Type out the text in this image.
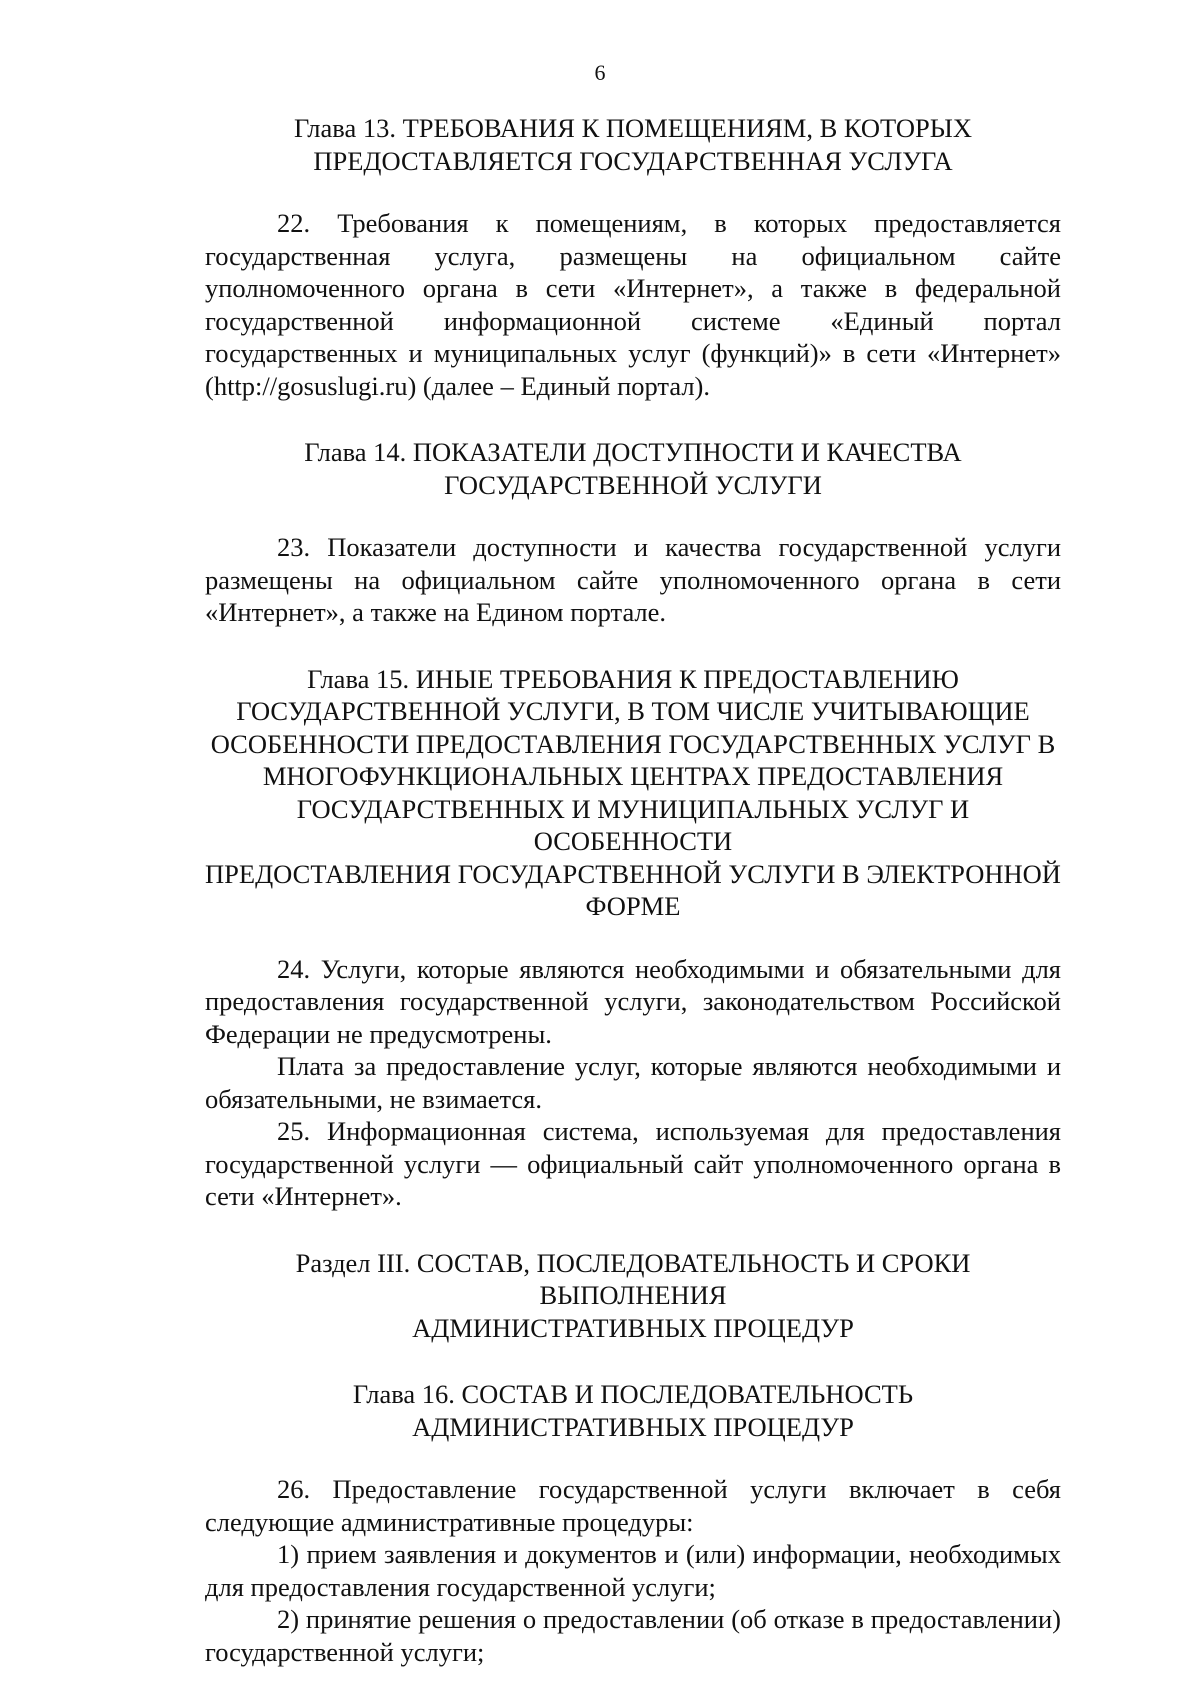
6
Глава 13. ТРЕБОВАНИЯ К ПОМЕЩЕНИЯМ, В КОТОРЫХ
ПРЕДОСТАВЛЯЕТСЯ ГОСУДАРСТВЕННАЯ УСЛУГА

22. Требования к помещениям, в которых предоставляется государственная услуга, размещены на официальном сайте уполномоченного органа в сети «Интернет», а также в федеральной государственной информационной системе «Единый портал государственных и муниципальных услуг (функций)» в сети «Интернет» (http://gosuslugi.ru) (далее – Единый портал).

Глава 14. ПОКАЗАТЕЛИ ДОСТУПНОСТИ И КАЧЕСТВА
ГОСУДАРСТВЕННОЙ УСЛУГИ

23. Показатели доступности и качества государственной услуги размещены на официальном сайте уполномоченного органа в сети «Интернет», а также на Едином портале.

Глава 15. ИНЫЕ ТРЕБОВАНИЯ К ПРЕДОСТАВЛЕНИЮ
ГОСУДАРСТВЕННОЙ УСЛУГИ, В ТОМ ЧИСЛЕ УЧИТЫВАЮЩИЕ
ОСОБЕННОСТИ ПРЕДОСТАВЛЕНИЯ ГОСУДАРСТВЕННЫХ УСЛУГ В
МНОГОФУНКЦИОНАЛЬНЫХ ЦЕНТРАХ ПРЕДОСТАВЛЕНИЯ
ГОСУДАРСТВЕННЫХ И МУНИЦИПАЛЬНЫХ УСЛУГ И ОСОБЕННОСТИ
ПРЕДОСТАВЛЕНИЯ ГОСУДАРСТВЕННОЙ УСЛУГИ В ЭЛЕКТРОННОЙ
ФОРМЕ

24. Услуги, которые являются необходимыми и обязательными для предоставления государственной услуги, законодательством Российской Федерации не предусмотрены.

Плата за предоставление услуг, которые являются необходимыми и обязательными, не взимается.

25. Информационная система, используемая для предоставления государственной услуги — официальный сайт уполномоченного органа в сети «Интернет».

Раздел III. СОСТАВ, ПОСЛЕДОВАТЕЛЬНОСТЬ И СРОКИ ВЫПОЛНЕНИЯ
АДМИНИСТРАТИВНЫХ ПРОЦЕДУР
Глава 16. СОСТАВ И ПОСЛЕДОВАТЕЛЬНОСТЬ
АДМИНИСТРАТИВНЫХ ПРОЦЕДУР

26. Предоставление государственной услуги включает в себя следующие административные процедуры:

1) прием заявления и документов и (или) информации, необходимых для предоставления государственной услуги;

2) принятие решения о предоставлении (об отказе в предоставлении) государственной услуги;
